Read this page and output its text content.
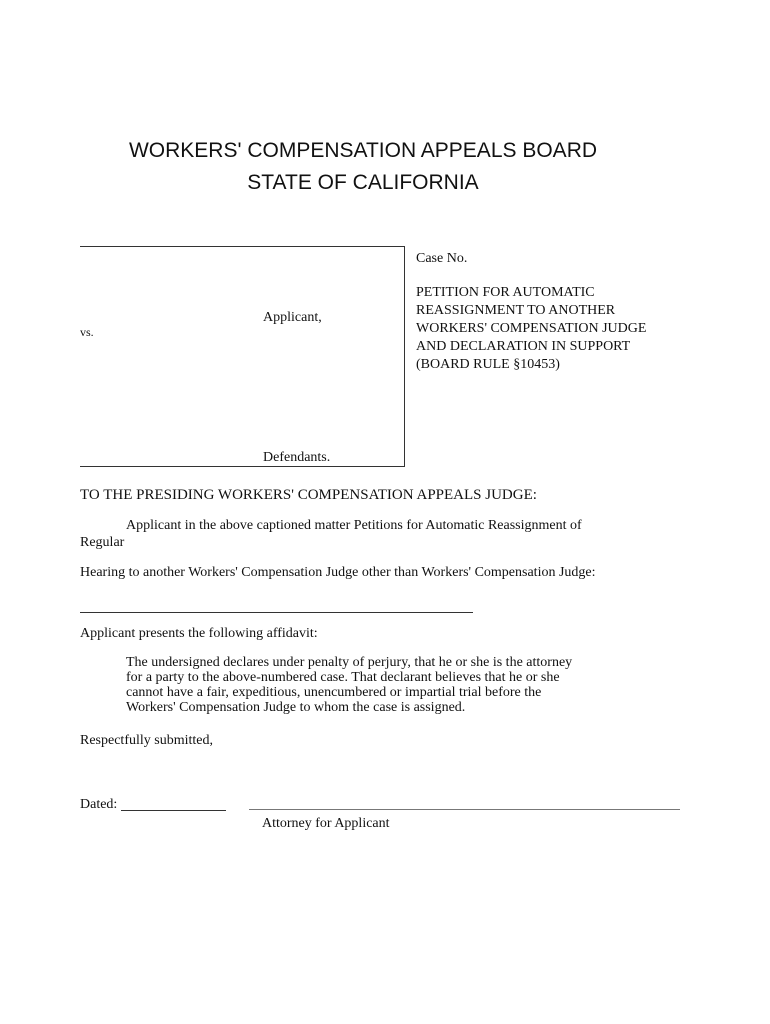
WORKERS' COMPENSATION APPEALS BOARD
STATE OF CALIFORNIA
Applicant,
vs.
Defendants.
Case No.
PETITION FOR AUTOMATIC
REASSIGNMENT TO ANOTHER
WORKERS' COMPENSATION JUDGE
AND DECLARATION IN SUPPORT
(BOARD RULE §10453)
TO THE PRESIDING WORKERS' COMPENSATION APPEALS JUDGE:
Applicant in the above captioned matter Petitions for Automatic Reassignment of
Regular
Hearing to another Workers' Compensation Judge other than Workers' Compensation Judge:
Applicant presents the following affidavit:
The undersigned declares under penalty of perjury, that he or she is the attorney
for a party to the above-numbered case. That declarant believes that he or she
cannot have a fair, expeditious, unencumbered or impartial trial before the
Workers' Compensation Judge to whom the case is assigned.
Respectfully submitted,
Dated:
Attorney for Applicant
